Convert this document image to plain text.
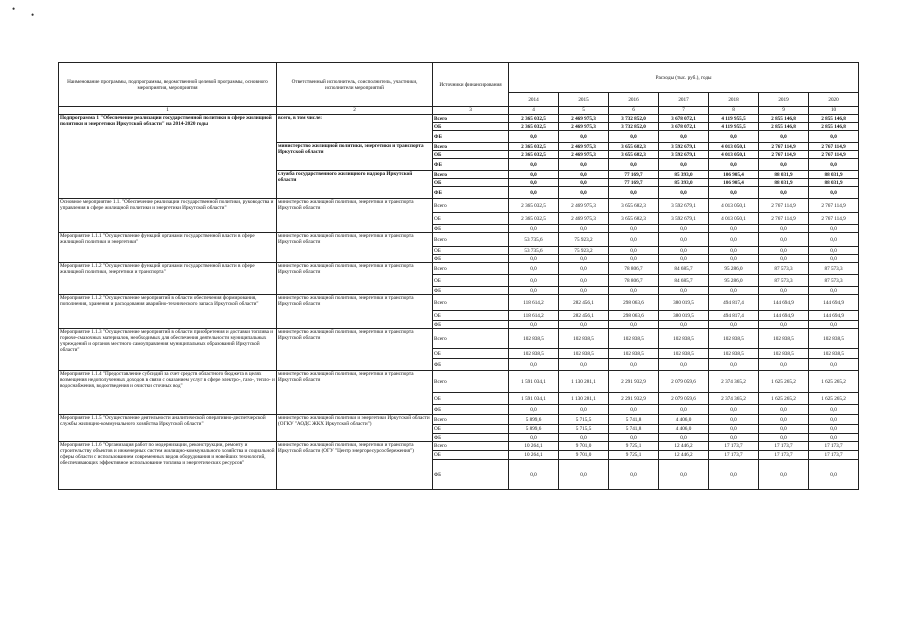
•
•
Наименование программы, подпрограммы, ведомственной целевой программы, основного мероприятия, мероприятия	Ответственный исполнитель, соисполнитель, участники, исполнители мероприятий	Источники финансирования	Расходы (тыс. руб.), годы						
			2014	2015	2016	2017	2018	2019	2020
1	2	3	4	5	6	7	8	9	10
Подпрограмма 1 "Обеспечение реализации государственной политики в сфере жилищной политики и энергетики Иркутской области" на 2014-2020 годы	всего, в том числе:	Всего	2 365 032,5	2 469 975,3	3 732 852,0	3 678 072,1	4 119 955,5	2 855 146,8	2 855 146,8
		ОБ	2 365 032,5	2 469 975,3	3 732 852,0	3 678 072,1	4 119 955,5	2 855 146,8	2 855 146,8
		ФБ	0,0	0,0	0,0	0,0	0,0	0,0	0,0
	министерство жилищной политики, энергетики и транспорта Иркутской области	Всего	2 365 032,5	2 469 975,3	3 655 682,3	3 592 679,1	4 013 050,1	2 767 114,9	2 767 114,9
		ОБ	2 365 032,5	2 469 975,3	3 655 682,3	3 592 679,1	4 013 050,1	2 767 114,9	2 767 114,9
		ФБ	0,0	0,0	0,0	0,0	0,0	0,0	0,0
	служба государственного жилищного надзора Иркутской области	Всего	0,0	0,0	77 169,7	85 393,0	106 905,4	88 031,9	88 031,9
		ОБ	0,0	0,0	77 169,7	85 393,0	106 905,4	88 031,9	88 031,9
		ФБ	0,0	0,0	0,0	0,0	0,0	0,0	0,0
Основное мероприятие 1.1. "Обеспечение реализации государственной политики, руководства и управления в сфере жилищной политики и энергетики Иркутской области"	министерство жилищной политики, энергетики и транспорта Иркутской области	Всего	2 365 032,5	2 469 975,3	3 655 682,3	3 592 679,1	4 013 050,1	2 767 114,9	2 767 114,9
		ОБ	2 365 032,5	2 469 975,3	3 655 682,3	3 592 679,1	4 013 050,1	2 767 114,9	2 767 114,9
		ФБ	0,0	0,0	0,0	0,0	0,0	0,0	0,0
Мероприятие 1.1.1 "Осуществление функций органами государственной власти в сфере жилищной политики и энергетики"	министерство жилищной политики, энергетики и транспорта Иркутской области	Всего	53 735,6	75 923,2	0,0	0,0	0,0	0,0	0,0
		ОБ	53 735,6	75 923,2	0,0	0,0	0,0	0,0	0,0
		ФБ	0,0	0,0	0,0	0,0	0,0	0,0	0,0
Мероприятие 1.1.2 "Осуществление функций органами государственной власти в сфере жилищной политики, энергетики и транспорта"	министерство жилищной политики, энергетики и транспорта Иркутской области	Всего	0,0	0,0	78 806,7	84 685,7	95 286,0	87 573,3	87 573,3
		ОБ	0,0	0,0	78 806,7	84 685,7	95 286,0	87 573,3	87 573,3
		ФБ	0,0	0,0	0,0	0,0	0,0	0,0	0,0
Мероприятие 1.1.2 "Осуществление мероприятий в области обеспечения формирования, пополнения, хранения и расходования аварийно-технического запаса Иркутской области"	министерство жилищной политики, энергетики и транспорта Иркутской области	Всего	118 614,2	282 456,1	298 063,6	380 019,5	494 817,4	144 694,9	144 694,9
		ОБ	118 614,2	282 456,1	298 063,6	380 019,5	494 817,4	144 694,9	144 694,9
		ФБ	0,0	0,0	0,0	0,0	0,0	0,0	0,0
Мероприятие 1.1.3 "Осуществление мероприятий в области приобретения и доставки топлива и горюче-смазочных материалов, необходимых для обеспечения деятельности муниципальных учреждений и органов местного самоуправления муниципальных образований Иркутской области"	министерство жилищной политики, энергетики и транспорта Иркутской области	Всего	102 838,5	102 838,5	102 838,5	102 838,5	102 838,5	102 838,5	102 838,5
		ОБ	102 838,5	102 838,5	102 838,5	102 838,5	102 838,5	102 838,5	102 838,5
		ФБ	0,0	0,0	0,0	0,0	0,0	0,0	0,0
Мероприятие 1.1.4 "Предоставление субсидий за счет средств областного бюджета в целях возмещения недополученных доходов в связи с оказанием услуг в сфере электро-, газо-, тепло- и водоснабжения, водоотведения и очистки сточных вод"	министерство жилищной политики, энергетики и транспорта Иркутской области	Всего	1 591 034,1	1 130 281,1	2 291 932,9	2 079 059,6	2 374 365,2	1 625 265,2	1 625 265,2
		ОБ	1 591 034,1	1 130 281,1	2 291 932,9	2 079 059,6	2 374 365,2	1 625 265,2	1 625 265,2
		ФБ	0,0	0,0	0,0	0,0	0,0	0,0	0,0
Мероприятие 1.1.5 "Осуществление деятельности аналитической оперативно-диспетчерской службы жилищно-коммунального хозяйства Иркутской области"	министерство жилищной политики и энергетики Иркутской области (ОГКУ "АОДС ЖКХ Иркутской области")	Всего	5 899,6	5 715,5	5 741,8	4 406,0	0,0	0,0	0,0
		ОБ	5 899,6	5 715,5	5 741,8	4 406,0	0,0	0,0	0,0
		ФБ	0,0	0,0	0,0	0,0	0,0	0,0	0,0
Мероприятие 1.1.6 "Организация работ по модернизации, реконструкции, ремонту и строительству объектов и инженерных систем жилищно-коммунального хозяйства и социальной сферы области с использованием современных видов оборудования и новейших технологий, обеспечивающих эффективное использование топлива и энергетических ресурсов"	министерство жилищной политики, энергетики и транспорта Иркутской области (ОГУ "Центр энергоресурсосбережения")	Всего	10 264,1	9 701,0	9 725,1	12 446,2	17 173,7	17 173,7	17 173,7
		ОБ	10 264,1	9 701,0	9 725,1	12 446,2	17 173,7	17 173,7	17 173,7
		ФБ	0,0	0,0	0,0	0,0	0,0	0,0	0,0
